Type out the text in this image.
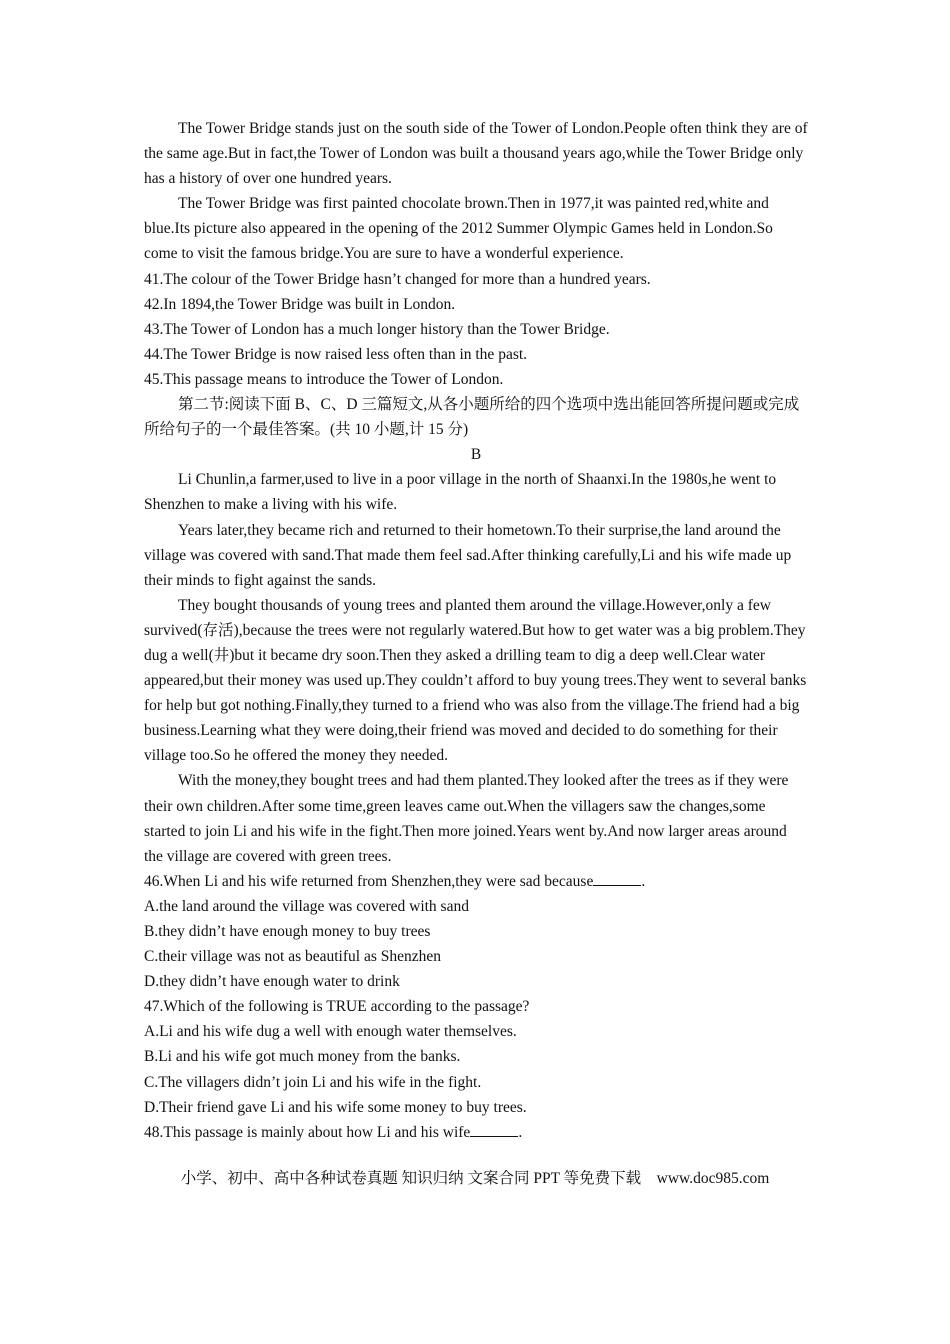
The Tower Bridge stands just on the south side of the Tower of London.People often think they are of the same age.But in fact,the Tower of London was built a thousand years ago,while the Tower Bridge only has a history of over one hundred years.

The Tower Bridge was first painted chocolate brown.Then in 1977,it was painted red,white and blue.Its picture also appeared in the opening of the 2012 Summer Olympic Games held in London.So come to visit the famous bridge.You are sure to have a wonderful experience.

41.The colour of the Tower Bridge hasn’t changed for more than a hundred years.

42.In 1894,the Tower Bridge was built in London.

43.The Tower of London has a much longer history than the Tower Bridge.

44.The Tower Bridge is now raised less often than in the past.

45.This passage means to introduce the Tower of London.

第二节:阅读下面 B、C、D 三篇短文,从各小题所给的四个选项中选出能回答所提问题或完成所给句子的一个最佳答案。(共 10 小题,计 15 分)

B

Li Chunlin,a farmer,used to live in a poor village in the north of Shaanxi.In the 1980s,he went to Shenzhen to make a living with his wife.

Years later,they became rich and returned to their hometown.To their surprise,the land around the village was covered with sand.That made them feel sad.After thinking carefully,Li and his wife made up their minds to fight against the sands.

They bought thousands of young trees and planted them around the village.However,only a few survived(存活),because the trees were not regularly watered.But how to get water was a big problem.They dug a well(井)but it became dry soon.Then they asked a drilling team to dig a deep well.Clear water appeared,but their money was used up.They couldn’t afford to buy young trees.They went to several banks for help but got nothing.Finally,they turned to a friend who was also from the village.The friend had a big business.Learning what they were doing,their friend was moved and decided to do something for their village too.So he offered the money they needed.

With the money,they bought trees and had them planted.They looked after the trees as if they were their own children.After some time,green leaves came out.When the villagers saw the changes,some started to join Li and his wife in the fight.Then more joined.Years went by.And now larger areas around the village are covered with green trees.

46.When Li and his wife returned from Shenzhen,they were sad because	.

A.the land around the village was covered with sand

B.they didn’t have enough money to buy trees

C.their village was not as beautiful as Shenzhen

D.they didn’t have enough water to drink

47.Which of the following is TRUE according to the passage?

A.Li and his wife dug a well with enough water themselves.

B.Li and his wife got much money from the banks.

C.The villagers didn’t join Li and his wife in the fight.

D.Their friend gave Li and his wife some money to buy trees.

48.This passage is mainly about how Li and his wife	.

小学、初中、高中各种试卷真题 知识归纳 文案合同 PPT 等免费下载    www.doc985.com
